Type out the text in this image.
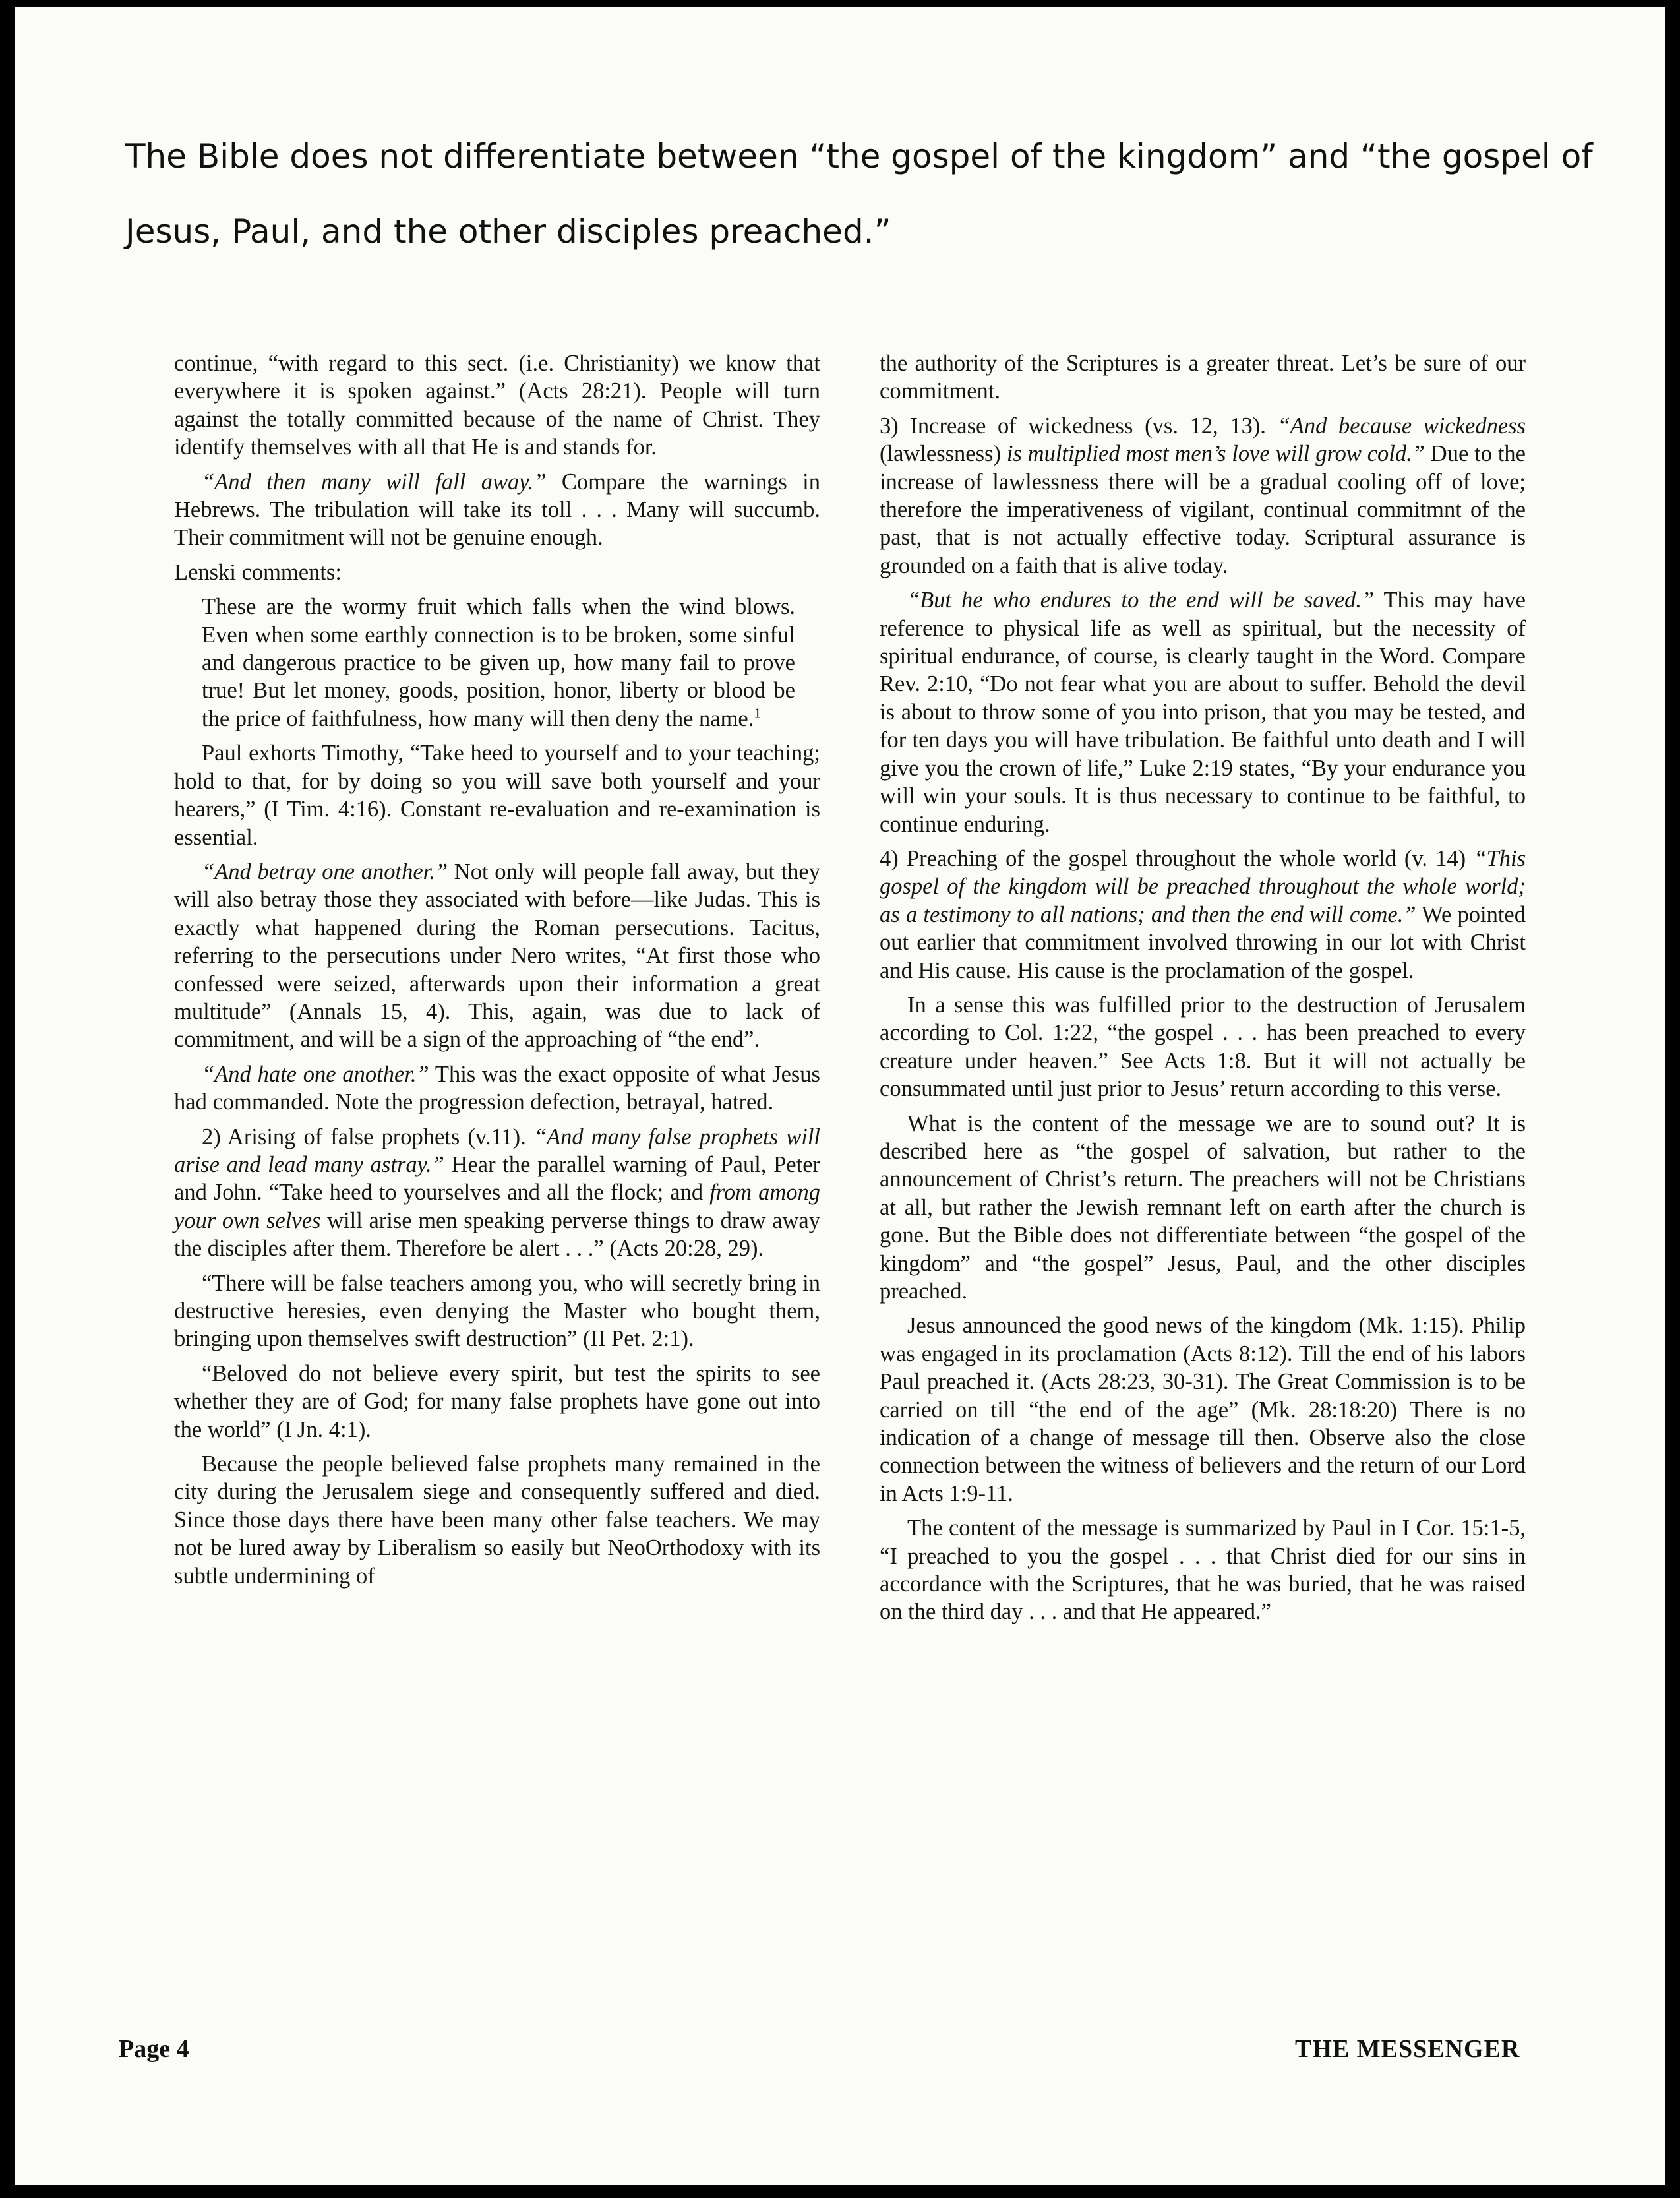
The Bible does not differentiate between “the gospel of the kingdom” and “the gospel of Jesus, Paul, and the other disciples preached.”

continue, “with regard to this sect. (i.e. Christianity) we know that everywhere it is spoken against.” (Acts 28:21). People will turn against the totally committed because of the name of Christ. They identify themselves with all that He is and stands for.

“And then many will fall away.” Compare the warnings in Hebrews. The tribulation will take its toll . . . Many will succumb. Their commitment will not be genuine enough.

Lenski comments:

These are the wormy fruit which falls when the wind blows. Even when some earthly connection is to be broken, some sinful and dangerous practice to be given up, how many fail to prove true! But let money, goods, position, honor, liberty or blood be the price of faithfulness, how many will then deny the name.$^1$

Paul exhorts Timothy, “Take heed to yourself and to your teaching; hold to that, for by doing so you will save both yourself and your hearers,” (I Tim. 4:16). Constant re-evaluation and re-examination is essential.

“And betray one another.” Not only will people fall away, but they will also betray those they associated with before—like Judas. This is exactly what happened during the Roman persecutions. Tacitus, referring to the persecutions under Nero writes, “At first those who confessed were seized, afterwards upon their information a great multitude” (Annals 15, 4). This, again, was due to lack of commitment, and will be a sign of the approaching of “the end”.

“And hate one another.” This was the exact opposite of what Jesus had commanded. Note the progression defection, betrayal, hatred.

2) Arising of false prophets (v.11). “And many false prophets will arise and lead many astray.” Hear the parallel warning of Paul, Peter and John. “Take heed to yourselves and all the flock; and from among your own selves will arise men speaking perverse things to draw away the disciples after them. Therefore be alert . . .” (Acts 20:28, 29).

“There will be false teachers among you, who will secretly bring in destructive heresies, even denying the Master who bought them, bringing upon themselves swift destruction” (II Pet. 2:1).

“Beloved do not believe every spirit, but test the spirits to see whether they are of God; for many false prophets have gone out into the world” (I Jn. 4:1).

Because the people believed false prophets many remained in the city during the Jerusalem siege and consequently suffered and died. Since those days there have been many other false teachers. We may not be lured away by Liberalism so easily but NeoOrthodoxy with its subtle undermining of

the authority of the Scriptures is a greater threat. Let’s be sure of our commitment.

3) Increase of wickedness (vs. 12, 13). “And because wickedness (lawlessness) is multiplied most men’s love will grow cold.” Due to the increase of lawlessness there will be a gradual cooling off of love; therefore the imperativeness of vigilant, continual commitmnt of the past, that is not actually effective today. Scriptural assurance is grounded on a faith that is alive today.

“But he who endures to the end will be saved.” This may have reference to physical life as well as spiritual, but the necessity of spiritual endurance, of course, is clearly taught in the Word. Compare Rev. 2:10, “Do not fear what you are about to suffer. Behold the devil is about to throw some of you into prison, that you may be tested, and for ten days you will have tribulation. Be faithful unto death and I will give you the crown of life,” Luke 2:19 states, “By your endurance you will win your souls. It is thus necessary to continue to be faithful, to continue enduring.

4) Preaching of the gospel throughout the whole world (v. 14) “This gospel of the kingdom will be preached throughout the whole world; as a testimony to all nations; and then the end will come.” We pointed out earlier that commitment involved throwing in our lot with Christ and His cause. His cause is the proclamation of the gospel.

In a sense this was fulfilled prior to the destruction of Jerusalem according to Col. 1:22, “the gospel . . . has been preached to every creature under heaven.” See Acts 1:8. But it will not actually be consummated until just prior to Jesus’ return according to this verse.

What is the content of the message we are to sound out? It is described here as “the gospel of salvation, but rather to the announcement of Christ’s return. The preachers will not be Christians at all, but rather the Jewish remnant left on earth after the church is gone. But the Bible does not differentiate between “the gospel of the kingdom” and “the gospel” Jesus, Paul, and the other disciples preached.

Jesus announced the good news of the kingdom (Mk. 1:15). Philip was engaged in its proclamation (Acts 8:12). Till the end of his labors Paul preached it. (Acts 28:23, 30-31). The Great Commission is to be carried on till “the end of the age” (Mk. 28:18:20) There is no indication of a change of message till then. Observe also the close connection between the witness of believers and the return of our Lord in Acts 1:9-11.

The content of the message is summarized by Paul in I Cor. 15:1-5, “I preached to you the gospel . . . that Christ died for our sins in accordance with the Scriptures, that he was buried, that he was raised on the third day . . . and that He appeared.”

Page 4	THE MESSENGER
